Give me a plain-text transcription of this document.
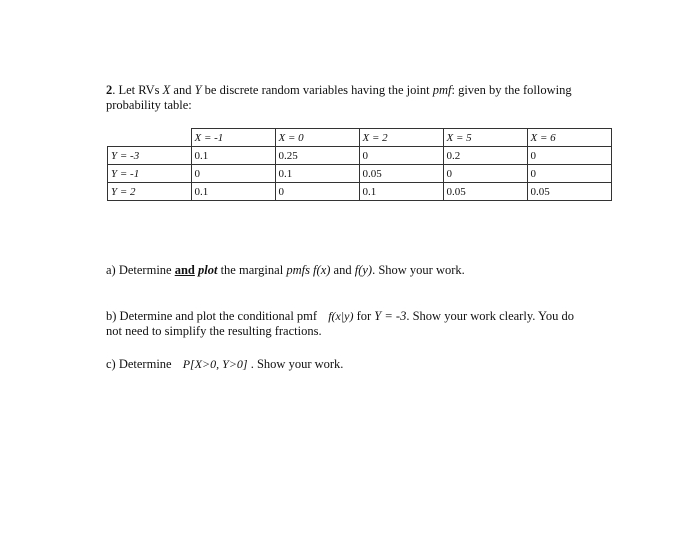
2. Let RVs X and Y be discrete random variables having the joint pmf: given by the following probability table:
	X = -1	X = 0	X = 2	X = 5	X = 6
Y = -3	0.1	0.25	0	0.2	0
Y = -1	0	0.1	0.05	0	0
Y = 2	0.1	0	0.1	0.05	0.05
a) Determine and plot the marginal pmfs f(x) and f(y). Show your work.
b) Determine and plot the conditional pmf f(x|y) for Y = -3. Show your work clearly. You do not need to simplify the resulting fractions.
c) Determine P[X>0, Y>0] . Show your work.
